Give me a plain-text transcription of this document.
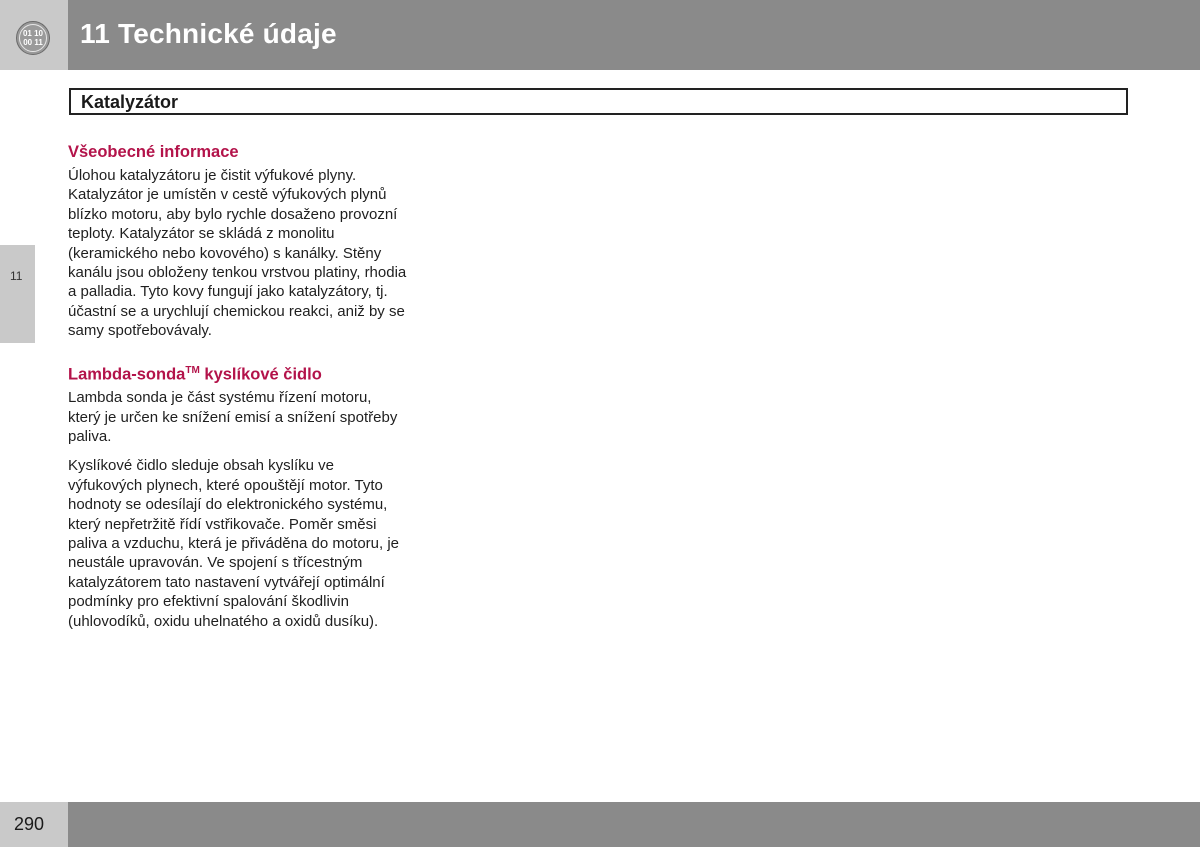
01 10
00 11 11 Technické údaje
11
Katalyzátor
Všeobecné informace

Úlohou katalyzátoru je čistit výfukové plyny. Katalyzátor je umístěn v cestě výfukových plynů blízko motoru, aby bylo rychle dosaženo provozní teploty. Katalyzátor se skládá z monolitu (keramického nebo kovového) s kanálky. Stěny kanálu jsou obloženy tenkou vrstvou platiny, rhodia a palladia. Tyto kovy fungují jako katalyzátory, tj. účastní se a urychlují chemickou reakci, aniž by se samy spotřebovávaly.

Lambda-sonda™ kyslíkové čidlo

Lambda sonda je část systému řízení motoru, který je určen ke snížení emisí a snížení spotřeby paliva.

Kyslíkové čidlo sleduje obsah kyslíku ve výfukových plynech, které opouštějí motor. Tyto hodnoty se odesílají do elektronického systému, který nepřetržitě řídí vstřikovače. Poměr směsi paliva a vzduchu, která je přiváděna do motoru, je neustále upravován. Ve spojení s třícestným katalyzátorem tato nastavení vytvářejí optimální podmínky pro efektivní spalování škodlivin (uhlovodíků, oxidu uhelnatého a oxidů dusíku).

290
